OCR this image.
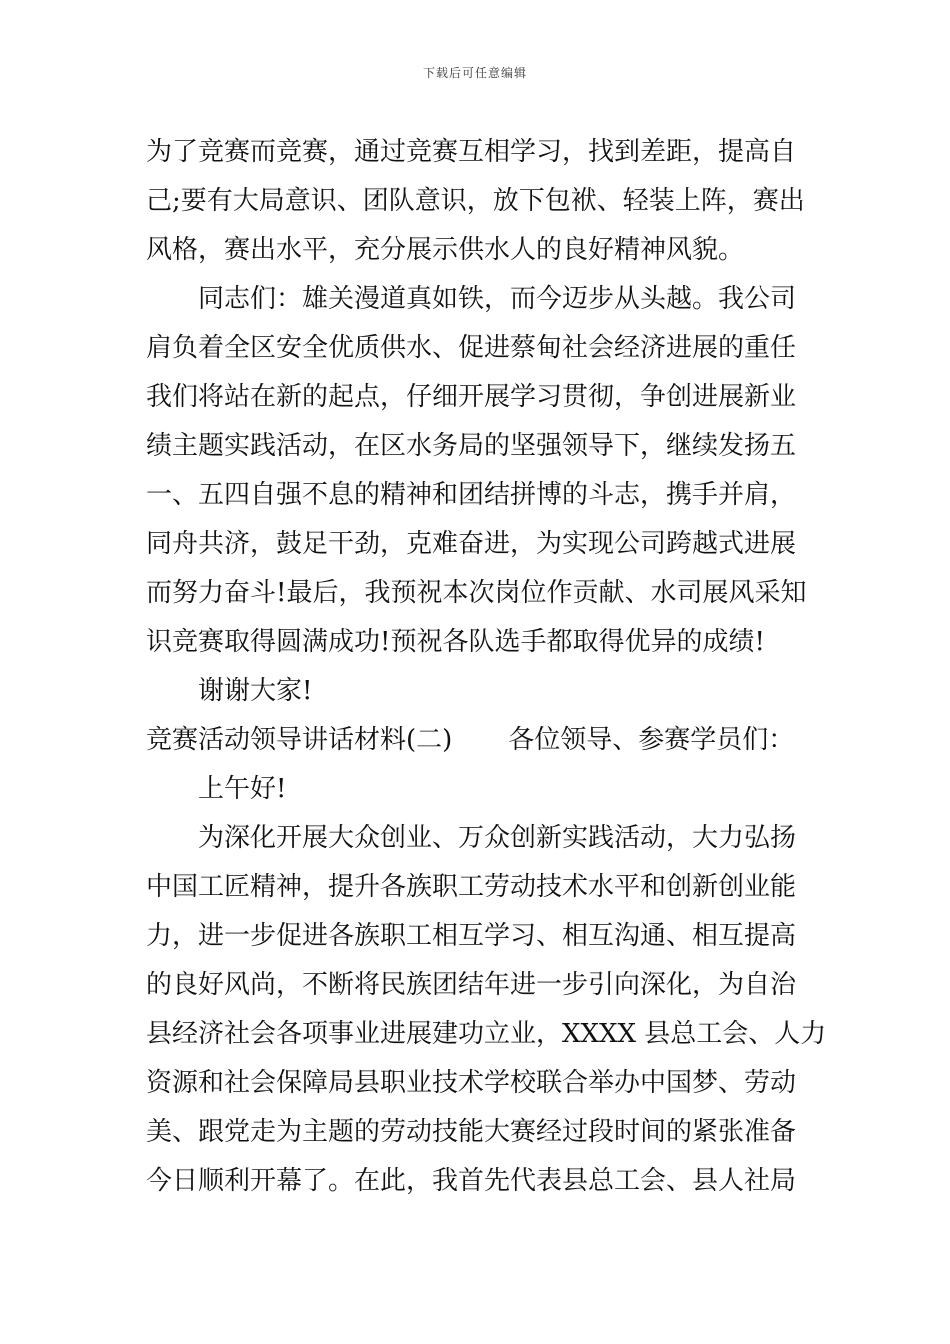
下载后可任意编辑
为了竞赛而竞赛，通过竞赛互相学习，找到差距，提高自
己;要有大局意识、团队意识，放下包袱、轻装上阵，赛出
风格，赛出水平，充分展示供水人的良好精神风貌。
同志们：雄关漫道真如铁，而今迈步从头越。我公司
肩负着全区安全优质供水、促进蔡甸社会经济进展的重任
我们将站在新的起点，仔细开展学习贯彻，争创进展新业
绩主题实践活动，在区水务局的坚强领导下，继续发扬五
一、五四自强不息的精神和团结拼博的斗志，携手并肩，
同舟共济，鼓足干劲，克难奋进，为实现公司跨越式进展
而努力奋斗!最后，我预祝本次岗位作贡献、水司展风采知
识竞赛取得圆满成功!预祝各队选手都取得优异的成绩!
谢谢大家!
竞赛活动领导讲话材料(二) 各位领导、参赛学员们：
上午好!
为深化开展大众创业、万众创新实践活动，大力弘扬
中国工匠精神，提升各族职工劳动技术水平和创新创业能
力，进一步促进各族职工相互学习、相互沟通、相互提高
的良好风尚，不断将民族团结年进一步引向深化，为自治
县经济社会各项事业进展建功立业，XXXX 县总工会、人力
资源和社会保障局县职业技术学校联合举办中国梦、劳动
美、跟党走为主题的劳动技能大赛经过段时间的紧张准备
今日顺利开幕了。在此，我首先代表县总工会、县人社局
